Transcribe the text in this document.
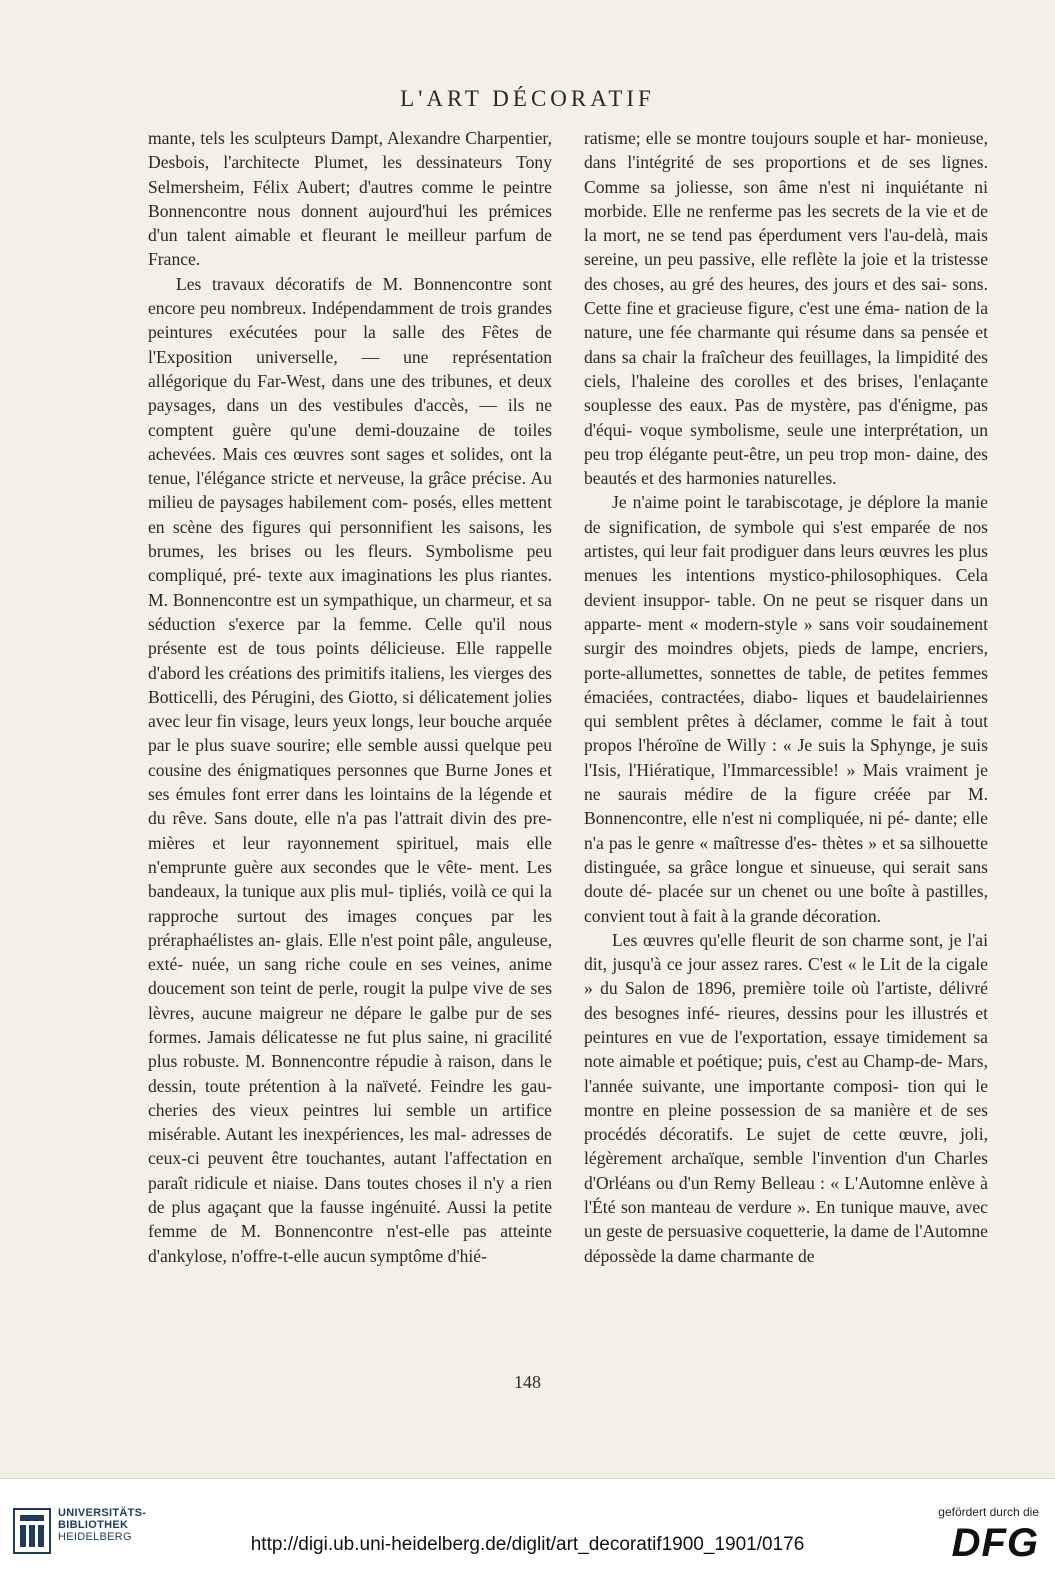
L'ART DÉCORATIF

mante, tels les sculpteurs Dampt, Alexandre Charpentier, Desbois, l'architecte Plumet, les dessinateurs Tony Selmersheim, Félix Aubert; d'autres comme le peintre Bonnencontre nous donnent aujourd'hui les prémices d'un talent aimable et fleurant le meilleur parfum de France.

Les travaux décoratifs de M. Bonnencontre sont encore peu nombreux. Indépendamment de trois grandes peintures exécutées pour la salle des Fêtes de l'Exposition universelle, — une représentation allégorique du Far-West, dans une des tribunes, et deux paysages, dans un des vestibules d'accès, — ils ne comptent guère qu'une demi-douzaine de toiles achevées. Mais ces œuvres sont sages et solides, ont la tenue, l'élégance stricte et nerveuse, la grâce précise. Au milieu de paysages habilement com- posés, elles mettent en scène des figures qui personnifient les saisons, les brumes, les brises ou les fleurs. Symbolisme peu compliqué, pré- texte aux imaginations les plus riantes. M. Bonnencontre est un sympathique, un charmeur, et sa séduction s'exerce par la femme. Celle qu'il nous présente est de tous points délicieuse. Elle rappelle d'abord les créations des primitifs italiens, les vierges des Botticelli, des Pérugini, des Giotto, si délicatement jolies avec leur fin visage, leurs yeux longs, leur bouche arquée par le plus suave sourire; elle semble aussi quelque peu cousine des énigmatiques personnes que Burne Jones et ses émules font errer dans les lointains de la légende et du rêve. Sans doute, elle n'a pas l'attrait divin des pre- mières et leur rayonnement spirituel, mais elle n'emprunte guère aux secondes que le vête- ment. Les bandeaux, la tunique aux plis mul- tipliés, voilà ce qui la rapproche surtout des images conçues par les préraphaélistes an- glais. Elle n'est point pâle, anguleuse, exté- nuée, un sang riche coule en ses veines, anime doucement son teint de perle, rougit la pulpe vive de ses lèvres, aucune maigreur ne dépare le galbe pur de ses formes. Jamais délicatesse ne fut plus saine, ni gracilité plus robuste. M. Bonnencontre répudie à raison, dans le dessin, toute prétention à la naïveté. Feindre les gau- cheries des vieux peintres lui semble un artifice misérable. Autant les inexpériences, les mal- adresses de ceux-ci peuvent être touchantes, autant l'affectation en paraît ridicule et niaise. Dans toutes choses il n'y a rien de plus agaçant que la fausse ingénuité. Aussi la petite femme de M. Bonnencontre n'est-elle pas atteinte d'ankylose, n'offre-t-elle aucun symptôme d'hié-

ratisme; elle se montre toujours souple et har- monieuse, dans l'intégrité de ses proportions et de ses lignes. Comme sa joliesse, son âme n'est ni inquiétante ni morbide. Elle ne renferme pas les secrets de la vie et de la mort, ne se tend pas éperdument vers l'au-delà, mais sereine, un peu passive, elle reflète la joie et la tristesse des choses, au gré des heures, des jours et des sai- sons. Cette fine et gracieuse figure, c'est une éma- nation de la nature, une fée charmante qui résume dans sa pensée et dans sa chair la fraîcheur des feuillages, la limpidité des ciels, l'haleine des corolles et des brises, l'enlaçante souplesse des eaux. Pas de mystère, pas d'énigme, pas d'équi- voque symbolisme, seule une interprétation, un peu trop élégante peut-être, un peu trop mon- daine, des beautés et des harmonies naturelles.

Je n'aime point le tarabiscotage, je déplore la manie de signification, de symbole qui s'est emparée de nos artistes, qui leur fait prodiguer dans leurs œuvres les plus menues les intentions mystico-philosophiques. Cela devient insuppor- table. On ne peut se risquer dans un apparte- ment « modern-style » sans voir soudainement surgir des moindres objets, pieds de lampe, encriers, porte-allumettes, sonnettes de table, de petites femmes émaciées, contractées, diabo- liques et baudelairiennes qui semblent prêtes à déclamer, comme le fait à tout propos l'héroïne de Willy : « Je suis la Sphynge, je suis l'Isis, l'Hiératique, l'Immarcessible! » Mais vraiment je ne saurais médire de la figure créée par M. Bonnencontre, elle n'est ni compliquée, ni pé- dante; elle n'a pas le genre « maîtresse d'es- thètes » et sa silhouette distinguée, sa grâce longue et sinueuse, qui serait sans doute dé- placée sur un chenet ou une boîte à pastilles, convient tout à fait à la grande décoration.

Les œuvres qu'elle fleurit de son charme sont, je l'ai dit, jusqu'à ce jour assez rares. C'est « le Lit de la cigale » du Salon de 1896, première toile où l'artiste, délivré des besognes infé- rieures, dessins pour les illustrés et peintures en vue de l'exportation, essaye timidement sa note aimable et poétique; puis, c'est au Champ-de- Mars, l'année suivante, une importante composi- tion qui le montre en pleine possession de sa manière et de ses procédés décoratifs. Le sujet de cette œuvre, joli, légèrement archaïque, semble l'invention d'un Charles d'Orléans ou d'un Remy Belleau : « L'Automne enlève à l'Été son manteau de verdure ». En tunique mauve, avec un geste de persuasive coquetterie, la dame de l'Automne dépossède la dame charmante de

148
UNIVERSITÄTS-
BIBLIOTHEK
HEIDELBERG	http://digi.ub.uni-heidelberg.de/diglit/art_decoratif1900_1901/0176
gefördert durch die
DFG
